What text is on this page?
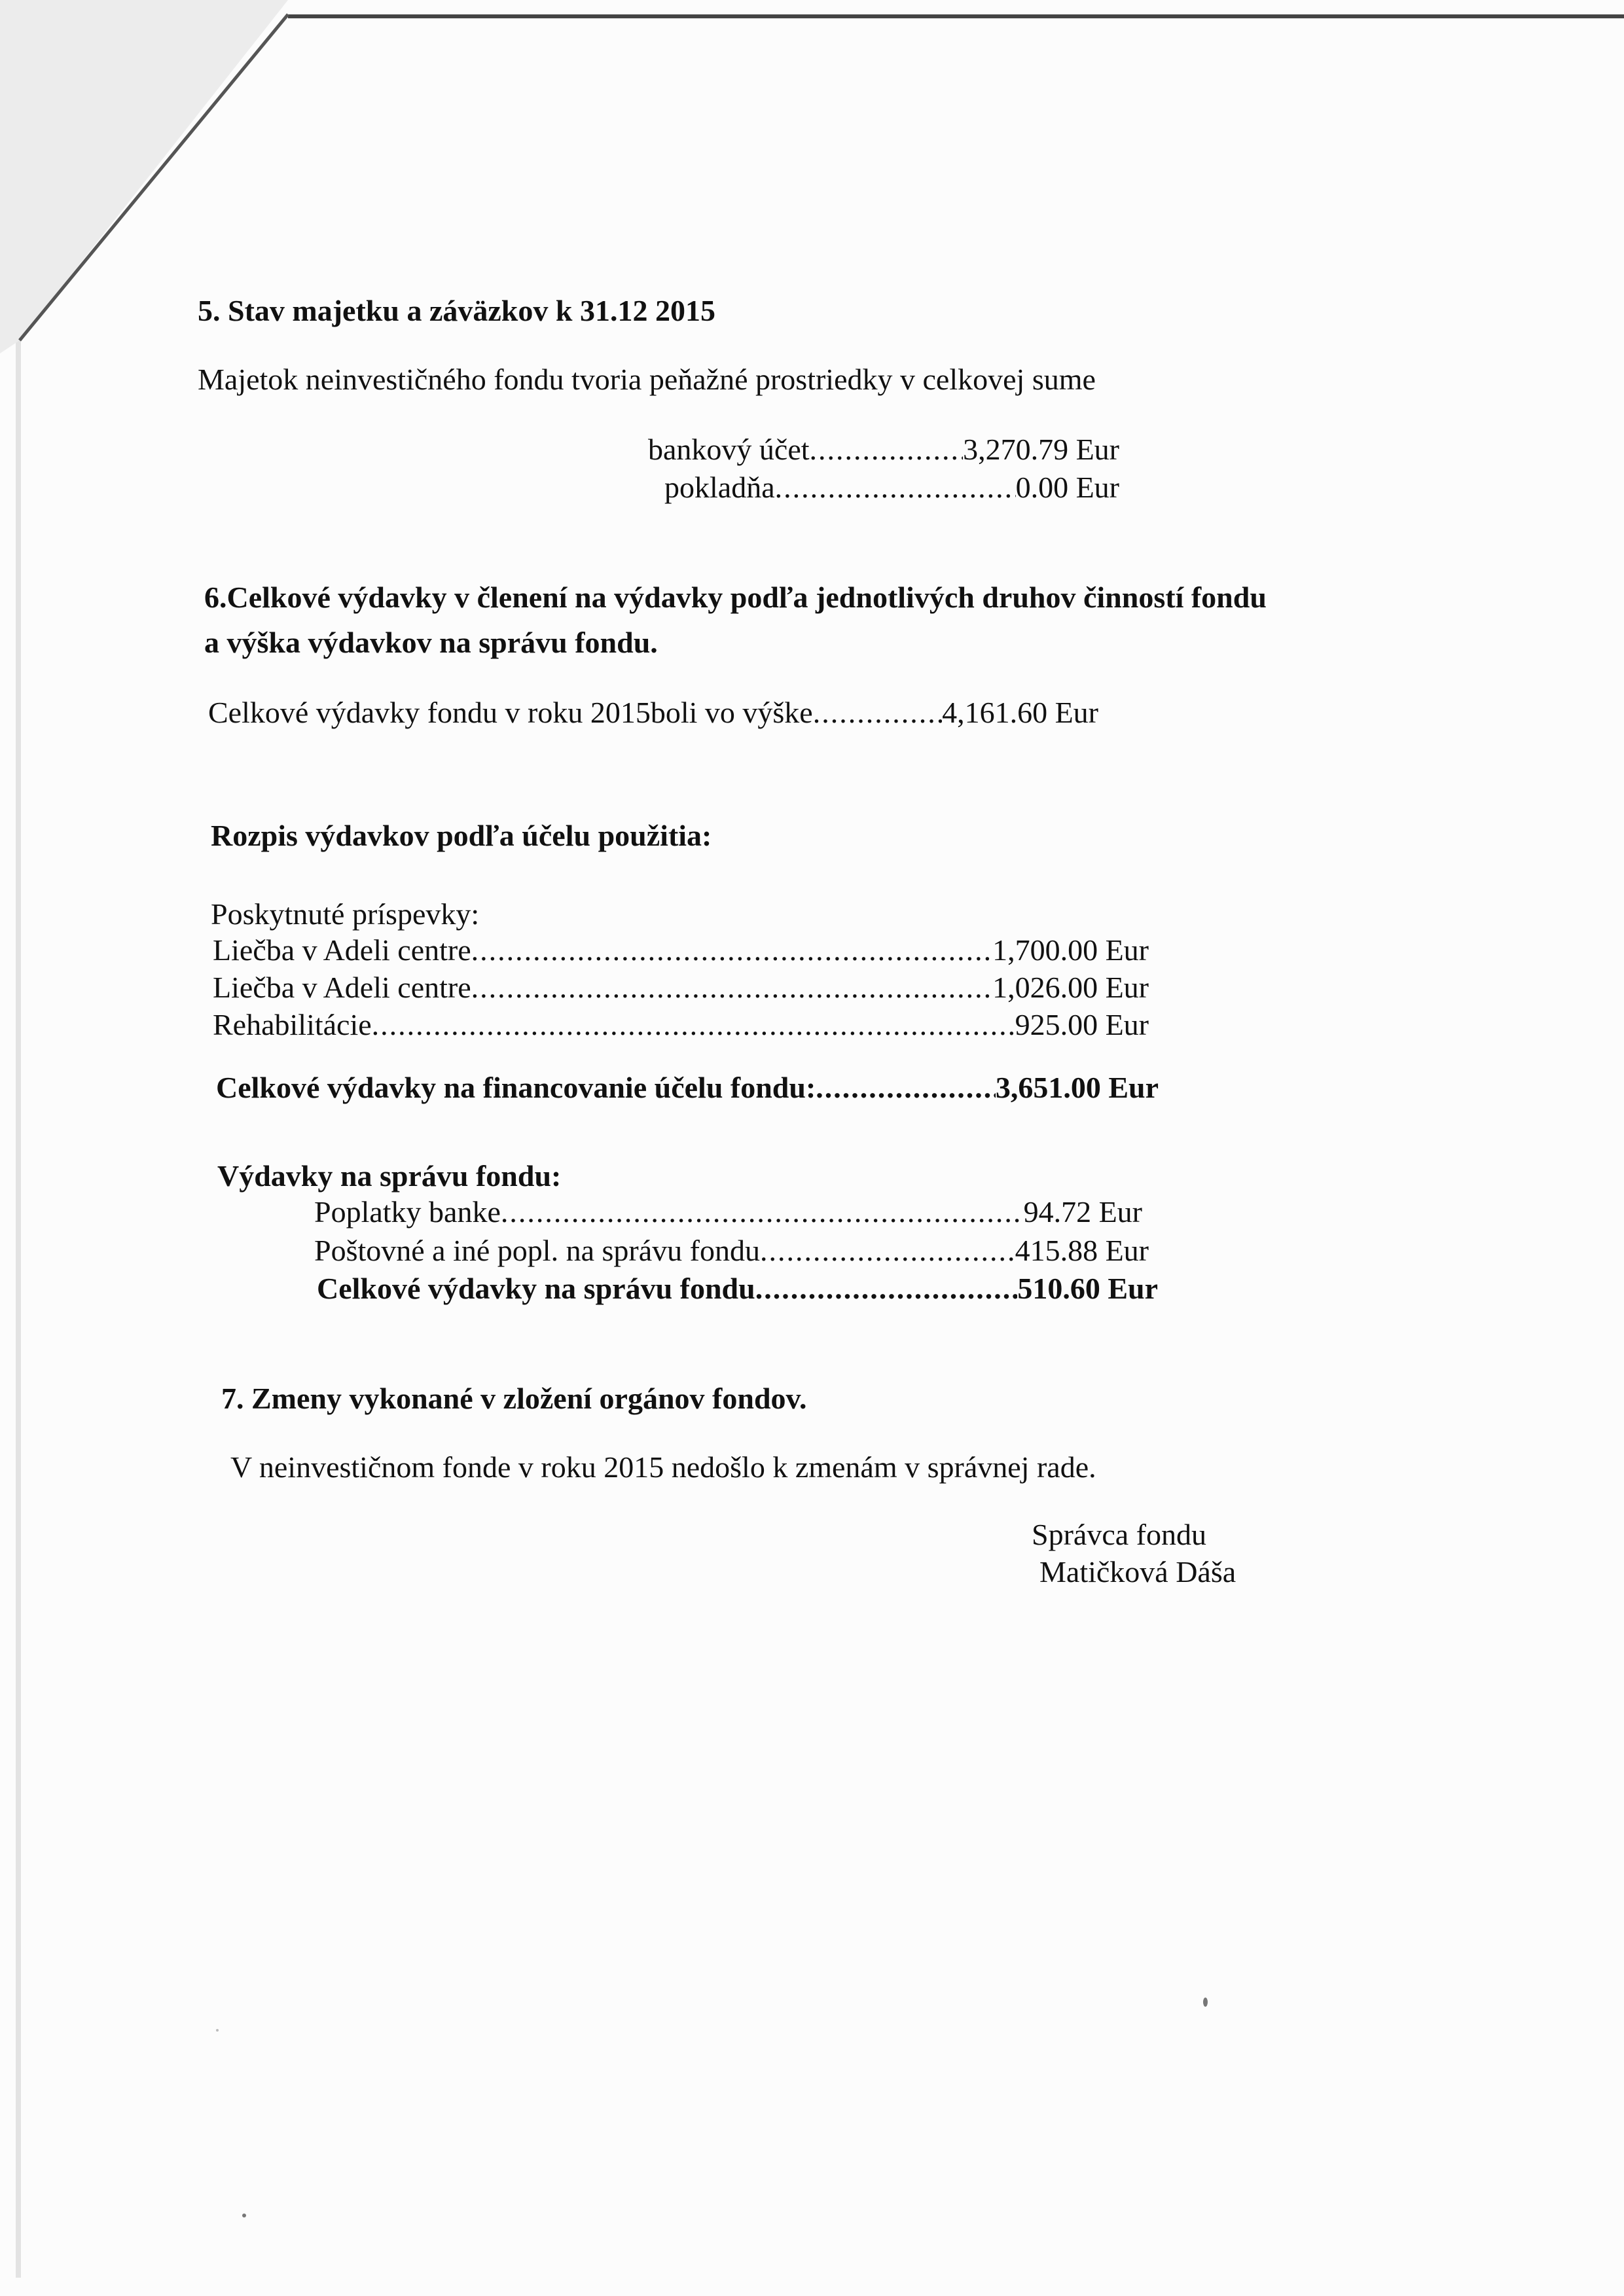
5. Stav majetku a záväzkov k 31.12 2015
Majetok neinvestičného fondu tvoria peňažné prostriedky v celkovej sume
bankový účet .....	3,270.79 Eur
pokladňa .....	0.00 Eur
6.Celkové výdavky v členení na výdavky podľa jednotlivých druhov činností fondu
a výška výdavkov na správu fondu.
Celkové výdavky fondu v roku 2015boli vo výške .....	4,161.60 Eur
Rozpis výdavkov podľa účelu použitia:
Poskytnuté príspevky:
Liečba v Adeli centre .....	1,700.00 Eur
Liečba v Adeli centre .....	1,026.00 Eur
Rehabilitácie .....	925.00 Eur
Celkové výdavky na financovanie účelu fondu: .....	3,651.00 Eur
Výdavky na správu fondu:
Poplatky banke .....	94.72 Eur
Poštovné a iné popl. na správu fondu .....	415.88 Eur
Celkové výdavky na správu fondu .....	510.60 Eur
7. Zmeny vykonané v zložení orgánov fondov.
V neinvestičnom fonde v roku 2015 nedošlo k zmenám v správnej rade.
Správca fondu
Matičková Dáša
